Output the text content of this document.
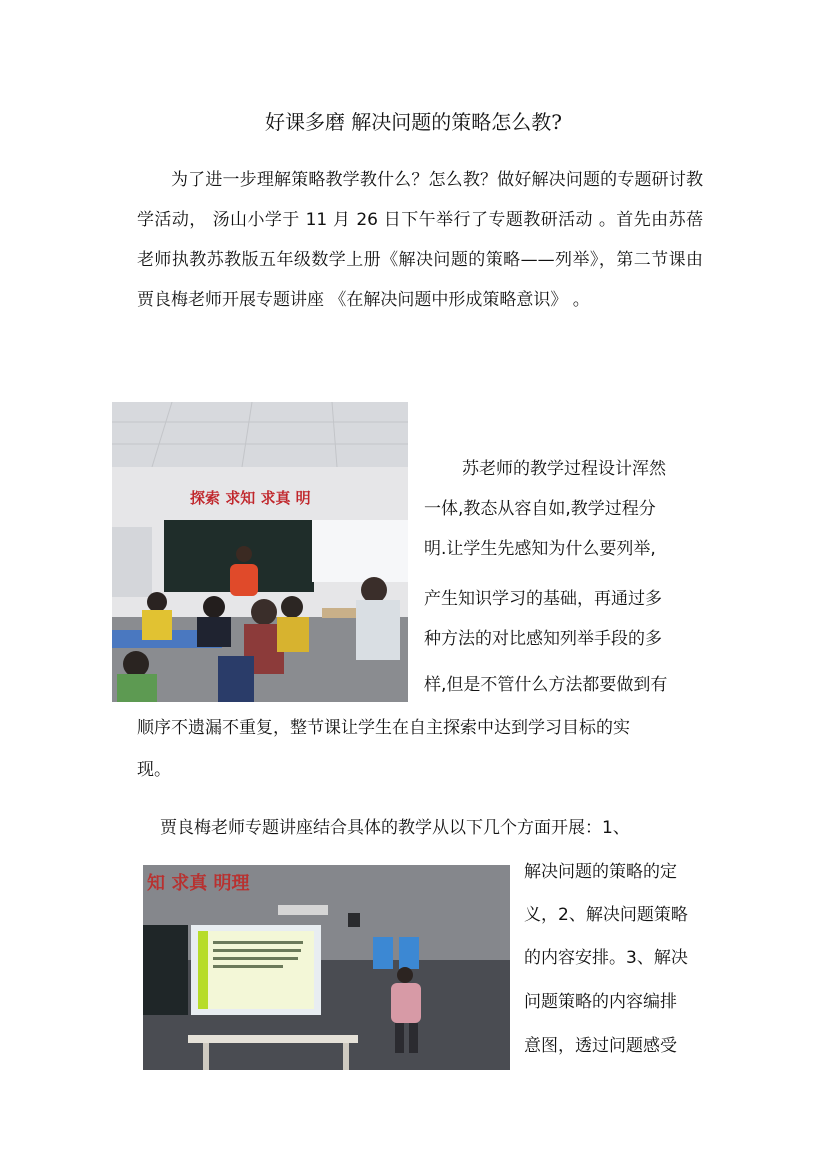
好课多磨 解决问题的策略怎么教?

为了进一步理解策略教学教什么？怎么教？做好解决问题的专题研讨教学活动， 汤山小学于 11 月 26 日下午举行了专题教研活动 。首先由苏蓓老师执教苏教版五年级数学上册《解决问题的策略——列举》，第二节课由贾良梅老师开展专题讲座 《在解决问题中形成策略意识》 。

探索 求知 求真 明
苏老师的教学过程设计浑然
一体,教态从容自如,教学过程分
明.让学生先感知为什么要列举,
产生知识学习的基础，再通过多
种方法的对比感知列举手段的多
样,但是不管什么方法都要做到有
顺序不遗漏不重复，整节课让学生在自主探索中达到学习目标的实
现。
贾良梅老师专题讲座结合具体的教学从以下几个方面开展：1、
解决问题的策略的定
义，2、解决问题策略
的内容安排。3、解决
问题策略的内容编排
意图，透过问题感受
知 求真 明理
